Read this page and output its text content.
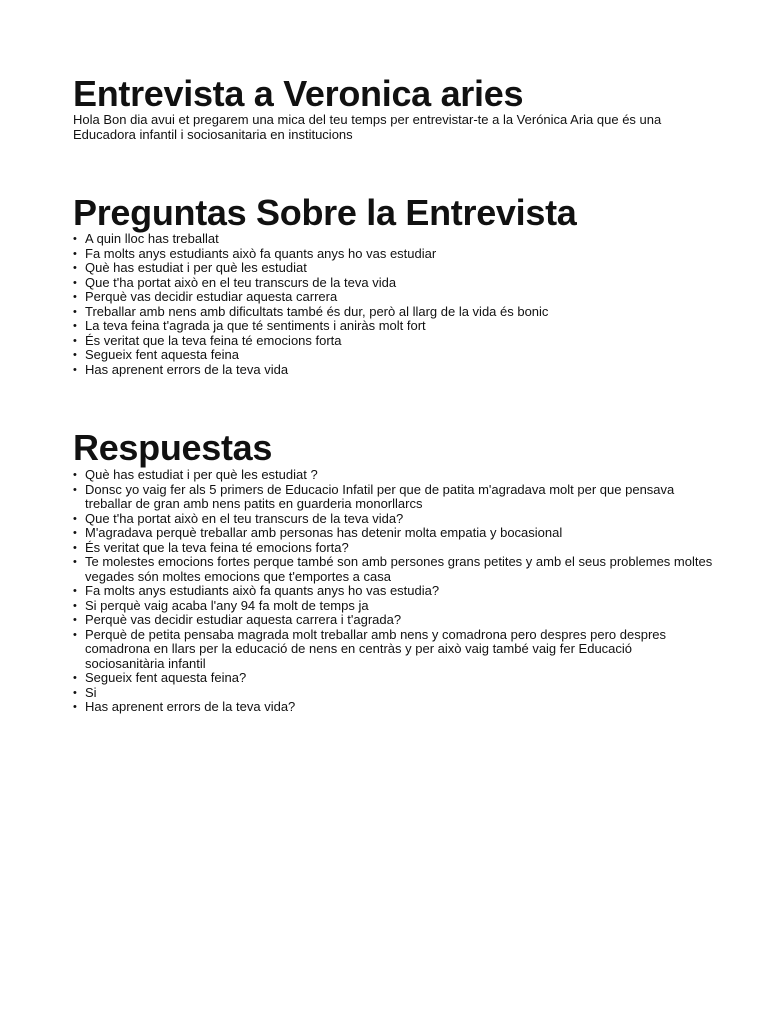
Entrevista a Veronica aries

Hola Bon dia avui et pregarem una mica del teu temps per entrevistar-te a la Verónica Aria que és una Educadora infantil i sociosanitaria en institucions

Preguntas Sobre la Entrevista
• A quin lloc has treballat
• Fa molts anys estudiants això fa quants anys ho vas estudiar
• Què has estudiat i per què les estudiat
• Que t'ha portat això en el teu transcurs de la teva vida
• Perquè vas decidir estudiar aquesta carrera
• Treballar amb nens amb dificultats també és dur, però al llarg de la vida és bonic
• La teva feina t'agrada ja que té sentiments i aniràs molt fort
• És veritat que la teva feina té emocions forta
• Segueix fent aquesta feina
• Has aprenent errors de la teva vida
Respuestas
• Què has estudiat i per què les estudiat ?
• Donsc yo vaig fer als 5 primers de Educacio Infatil per que de patita m'agradava molt per que pensava treballar de gran amb nens patits en guarderia monorllarcs
• Que t'ha portat això en el teu transcurs de la teva vida?
• M'agradava perquè treballar amb personas has detenir molta empatia y bocasional
• És veritat que la teva feina té emocions forta?
• Te molestes emocions fortes perque també son amb persones grans petites y amb el seus problemes moltes vegades són moltes emocions que t'emportes a casa
• Fa molts anys estudiants això fa quants anys ho vas estudia?
• Si perquè vaig acaba l'any 94 fa molt de temps ja
• Perquè vas decidir estudiar aquesta carrera i t'agrada?
• Perquè de petita pensaba magrada molt treballar amb nens y comadrona pero despres pero despres comadrona en llars per la educació de nens en centràs y per això vaig també vaig fer Educació sociosanitària infantil
• Segueix fent aquesta feina?
• Si
• Has aprenent errors de la teva vida?
